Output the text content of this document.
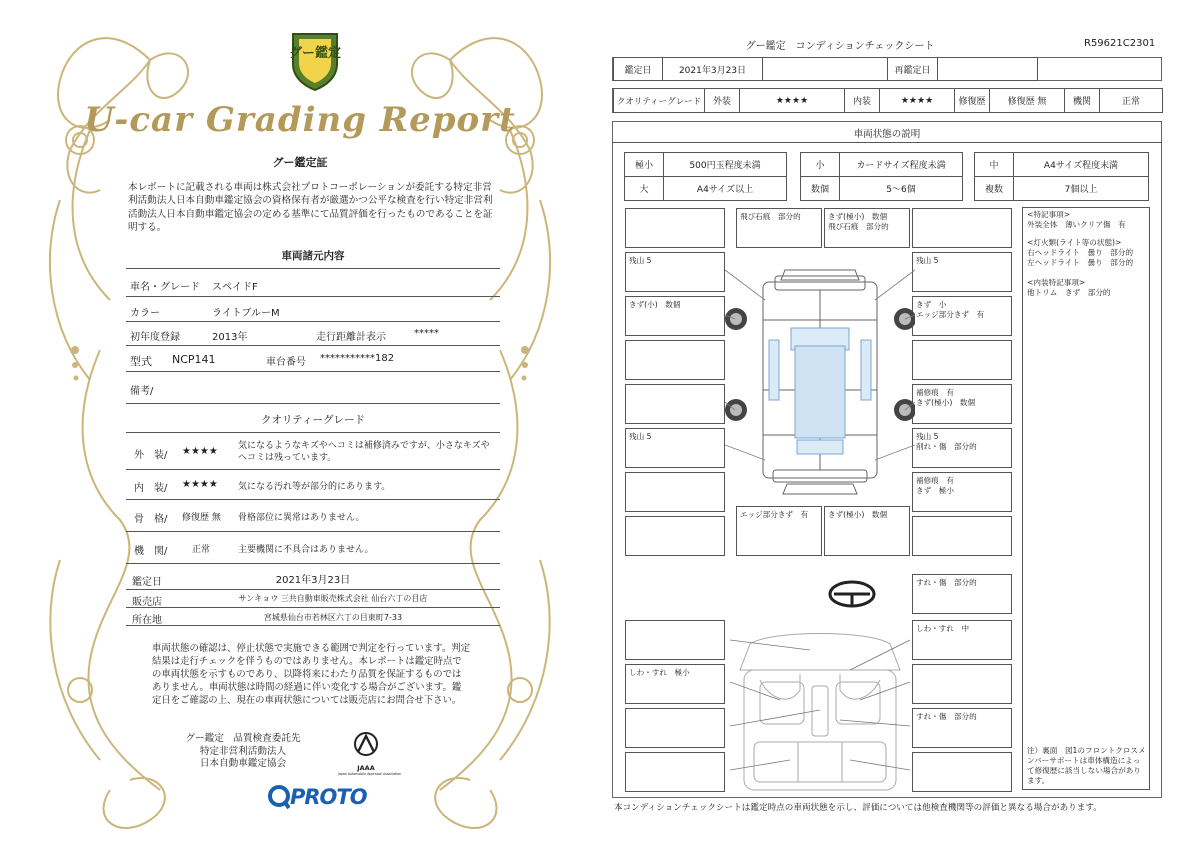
グー鑑定
U-car Grading Report
グー鑑定証
本レポートに記載される車両は株式会社プロトコーポレーションが委託する特定非営利活動法人日本自動車鑑定協会の資格保有者が厳選かつ公平な検査を行い特定非営利活動法人日本自動車鑑定協会の定める基準にて品質評価を行ったものであることを証明する。
車両諸元内容
車名・グレード スペイドF
カラー	ライトブルーM
初年度登録	2013年	走行距離計表示	*****
型式 NCP141	車台番号 ***********182
備考/
クオリティーグレード
外　装/ ★★★★ 気になるようなキズやヘコミは補修済みですが、小さなキズやヘコミは残っています。
内　装/ ★★★★ 気になる汚れ等が部分的にあります。
骨　格/ 修復歴 無 骨格部位に異常はありません。
機　関/	正常	主要機関に不具合はありません。
鑑定日	2021年3月23日
販売店	サンキョウ 三共自動車販売株式会社 仙台六丁の目店
所在地	宮城県仙台市若林区六丁の目東町7-33
車両状態の確認は、停止状態で実施できる範囲で判定を行っています。判定結果は走行チェックを伴うものではありません。本レポートは鑑定時点での車両状態を示すものであり、以降将来にわたり品質を保証するものではありません。車両状態は時間の経過に伴い変化する場合がございます。鑑定日をご確認の上、現在の車両状態については販売店にお問合せ下さい。
グー鑑定　品質検査委託先
特定非営利活動法人
日本自動車鑑定協会	JAAA
Japan Automobile Appraisal Association
PROTO
グー鑑定　コンディションチェックシート	R59621C2301
鑑定日	2021年3月23日	再鑑定日
クオリティーグレード	外装	★★★★	内装	★★★★	修復歴	修復歴 無	機関	正常
車両状態の説明
極小	500円玉程度未満	小	カードサイズ程度未満	中	A4サイズ程度未満
大	A4サイズ以上	数個	5～6個	複数	7個以上
<特記事項>
外装全体　薄いクリア傷　有
<灯火類(ライト等の状態)>
右ヘッドライト　曇り　部分的
左ヘッドライト　曇り　部分的
<内装特記事項>
他トリム　きず　部分的
注）裏面　図1のフロントクロスメンバーサポートは車体構造によって修復歴に該当しない場合があります。
残山 5
きず(小)　数個
残山 5
しわ・すれ　極小
飛び石痕　部分的	きず(極小)　数個
飛び石痕　部分的
残山 5
きず　小
エッジ部分きず　有
補修痕　有
きず(極小)　数個
残山 5
削れ・傷　部分的
補修痕　有
きず　極小
エッジ部分きず　有	きず(極小)　数個
すれ・傷　部分的
しわ・すれ　中
すれ・傷　部分的
本コンディションチェックシートは鑑定時点の車両状態を示し、評価については他検査機関等の評価と異なる場合があります。
